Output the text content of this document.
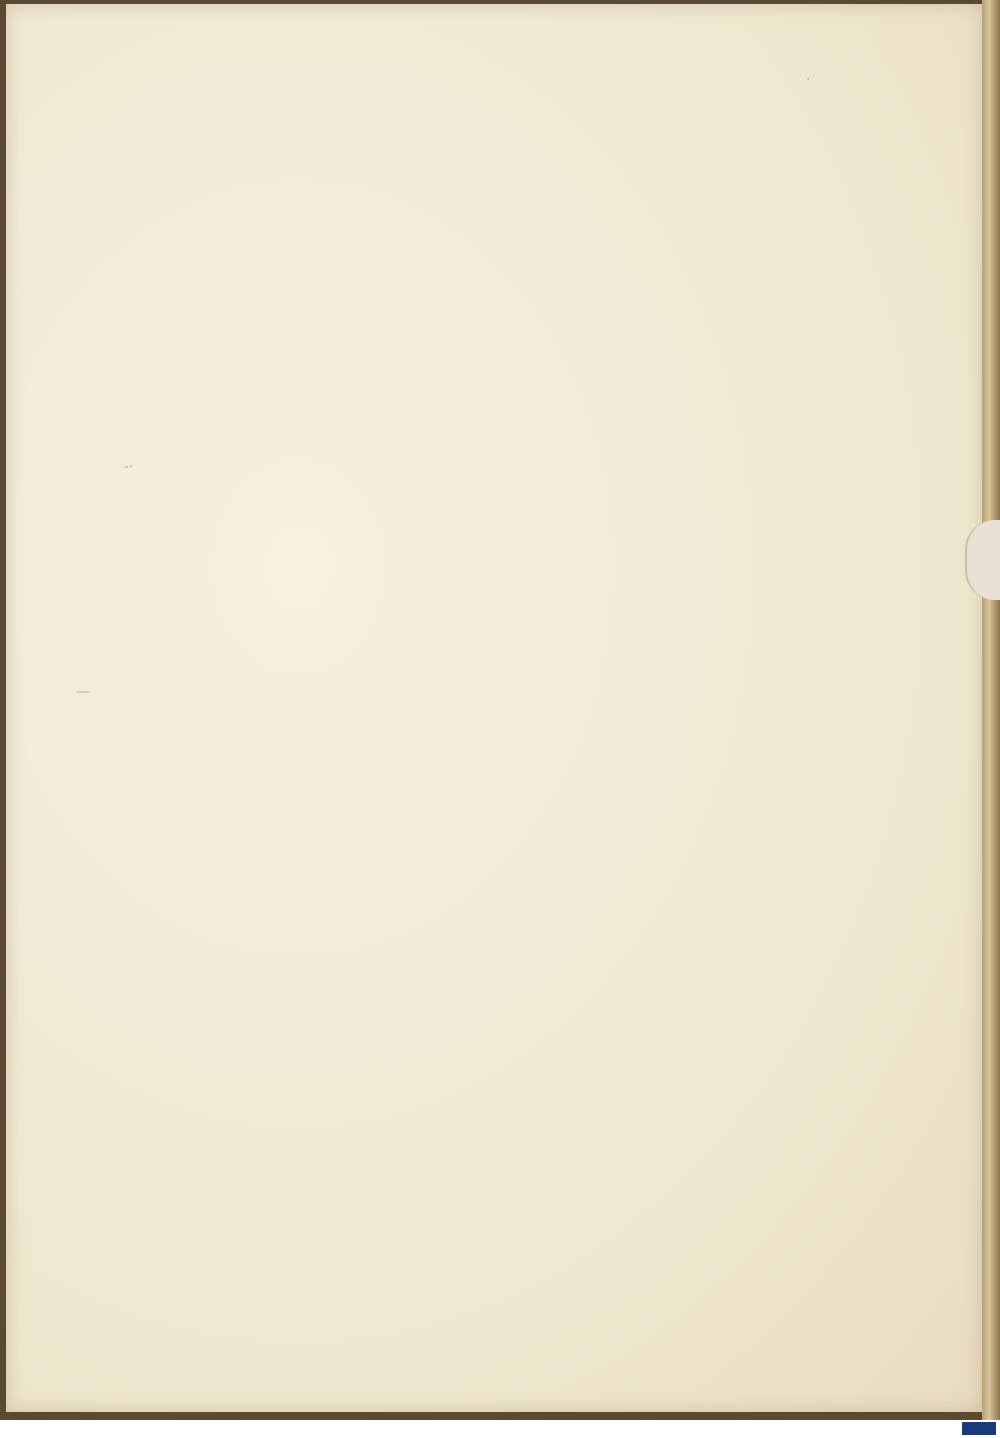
·
-·
—
